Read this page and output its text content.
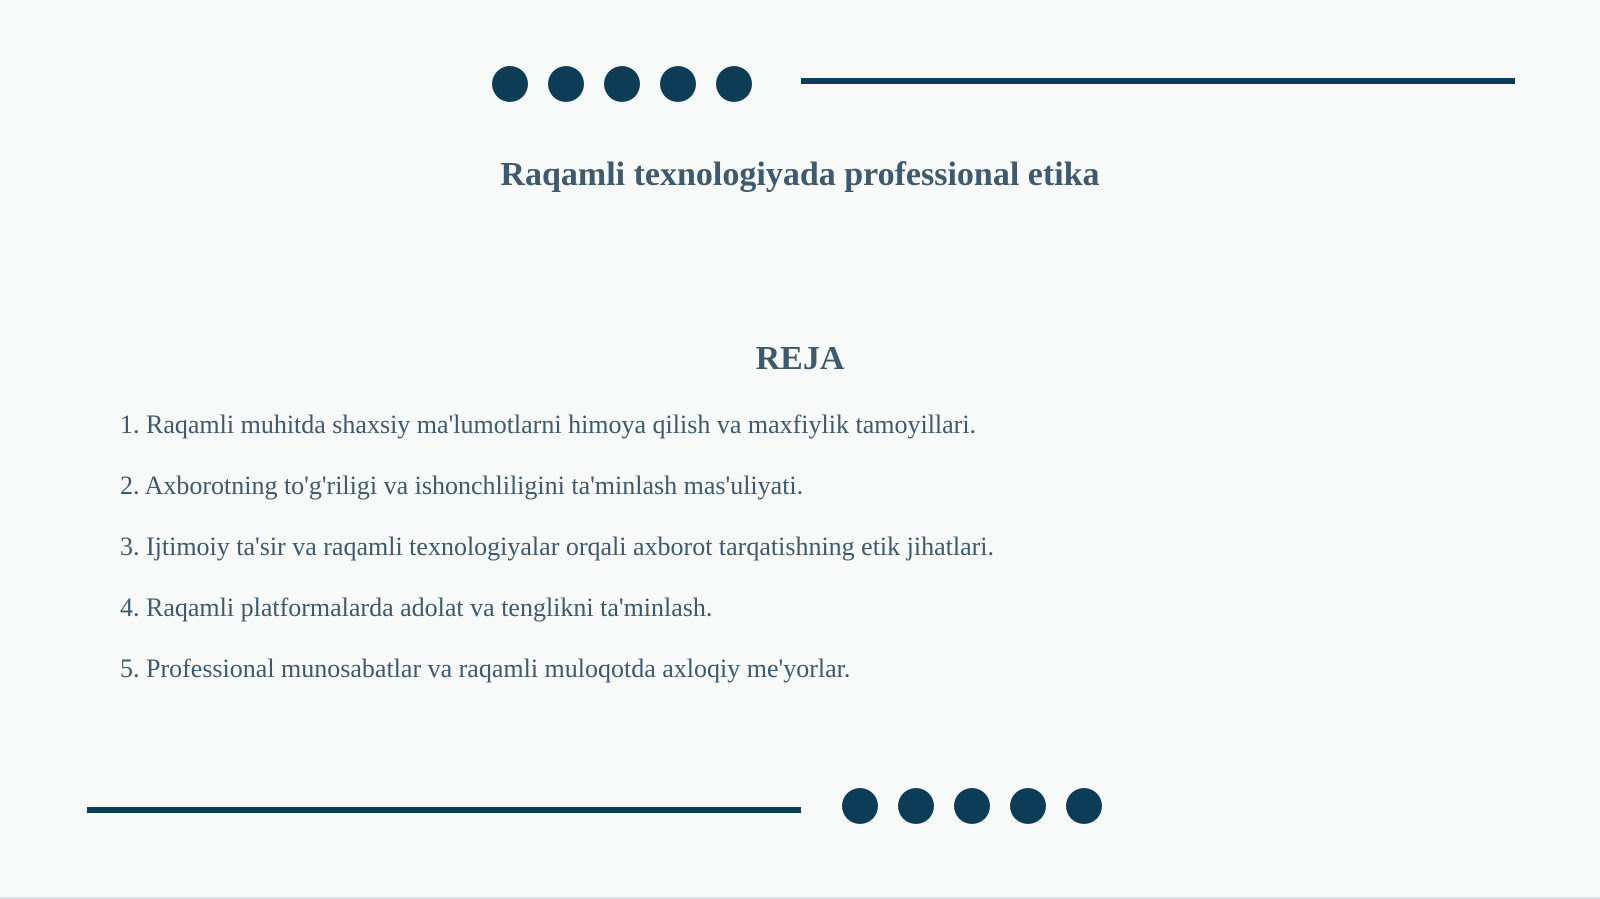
Raqamli texnologiyada professional etika
REJA
1. Raqamli muhitda shaxsiy ma'lumotlarni himoya qilish va maxfiylik tamoyillari.
2. Axborotning to'g'riligi va ishonchliligini ta'minlash mas'uliyati.
3. Ijtimoiy ta'sir va raqamli texnologiyalar orqali axborot tarqatishning etik jihatlari.
4. Raqamli platformalarda adolat va tenglikni ta'minlash.
5. Professional munosabatlar va raqamli muloqotda axloqiy me'yorlar.
